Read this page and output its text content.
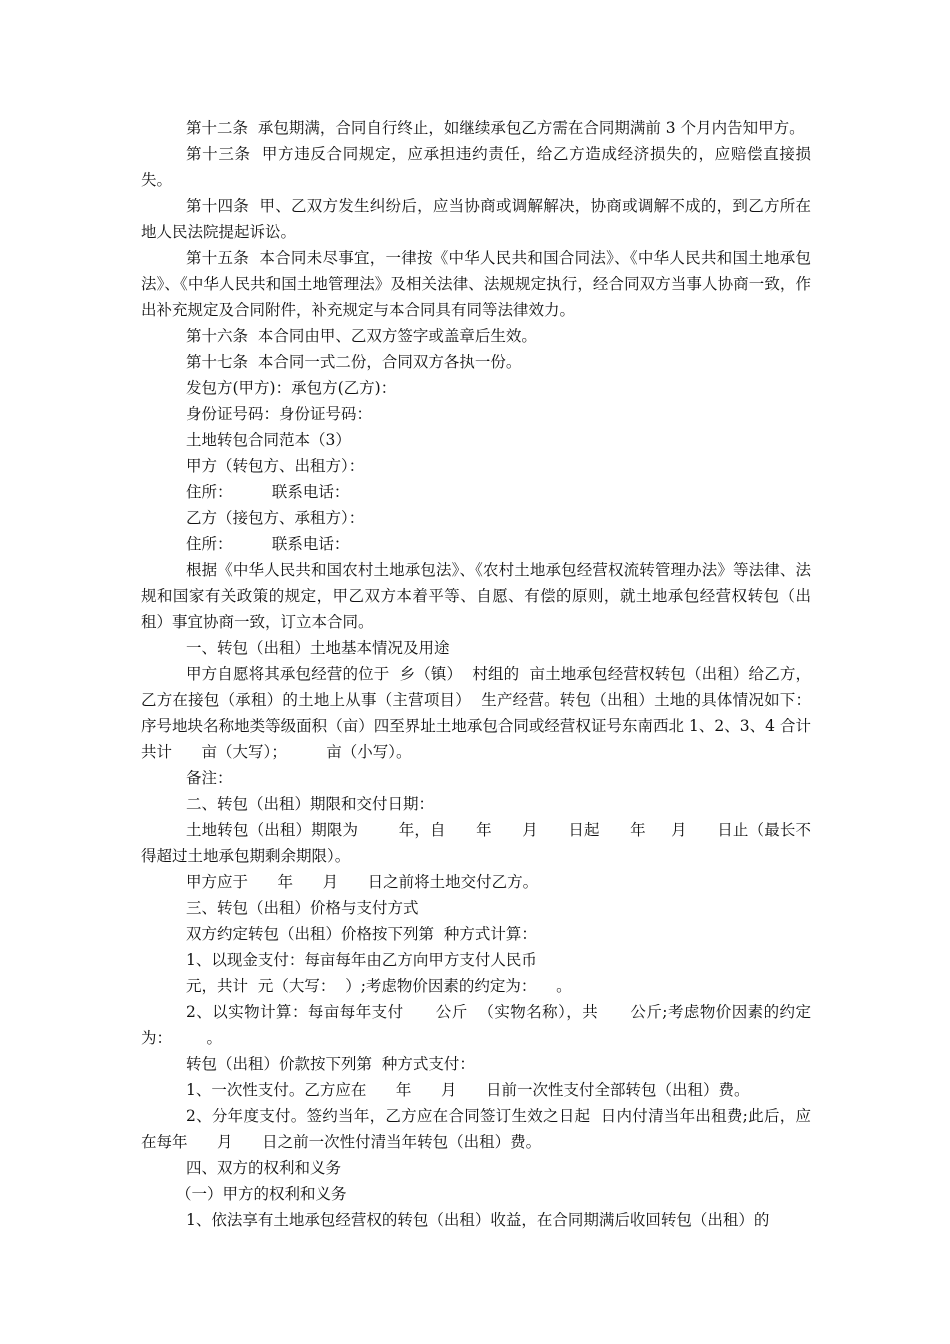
第十二条  承包期满，合同自行终止，如继续承包乙方需在合同期满前 3 个月内告知甲方。

第十三条  甲方违反合同规定，应承担违约责任，给乙方造成经济损失的，应赔偿直接损失。

第十四条  甲、乙双方发生纠纷后，应当协商或调解解决，协商或调解不成的，到乙方所在地人民法院提起诉讼。

第十五条  本合同未尽事宜，一律按《中华人民共和国合同法》、《中华人民共和国土地承包法》、《中华人民共和国土地管理法》及相关法律、法规规定执行，经合同双方当事人协商一致，作出补充规定及合同附件，补充规定与本合同具有同等法律效力。

第十六条  本合同由甲、乙双方签字或盖章后生效。

第十七条  本合同一式二份，合同双方各执一份。

发包方(甲方)：承包方(乙方)：

身份证号码：身份证号码：

土地转包合同范本（3）

甲方（转包方、出租方）：

住所：        联系电话：

乙方（接包方、承租方）：

住所：        联系电话：

根据《中华人民共和国农村土地承包法》、《农村土地承包经营权流转管理办法》等法律、法规和国家有关政策的规定，甲乙双方本着平等、自愿、有偿的原则，就土地承包经营权转包（出租）事宜协商一致，订立本合同。

一、转包（出租）土地基本情况及用途

甲方自愿将其承包经营的位于  乡（镇）  村组的  亩土地承包经营权转包（出租）给乙方，乙方在接包（承租）的土地上从事（主营项目）  生产经营。转包（出租）土地的具体情况如下：序号地块名称地类等级面积（亩）四至界址土地承包合同或经营权证号东南西北 1、2、3、4 合计共计      亩（大写）；        亩（小写）。

备注：

二、转包（出租）期限和交付日期：

土地转包（出租）期限为        年，自      年      月      日起      年     月      日止（最长不得超过土地承包期剩余期限）。

甲方应于      年      月      日之前将土地交付乙方。

三、转包（出租）价格与支付方式

双方约定转包（出租）价格按下列第  种方式计算：

1、以现金支付：每亩每年由乙方向甲方支付人民币

元，共计  元（大写：  ）;考虑物价因素的约定为：    。

2、以实物计算：每亩每年支付      公斤  （实物名称），共      公斤;考虑物价因素的约定为：       。

转包（出租）价款按下列第  种方式支付：

1、一次性支付。乙方应在      年      月      日前一次性支付全部转包（出租）费。

2、分年度支付。签约当年，乙方应在合同签订生效之日起  日内付清当年出租费;此后，应在每年      月      日之前一次性付清当年转包（出租）费。

四、双方的权利和义务

（一）甲方的权利和义务

1、依法享有土地承包经营权的转包（出租）收益，在合同期满后收回转包（出租）的
